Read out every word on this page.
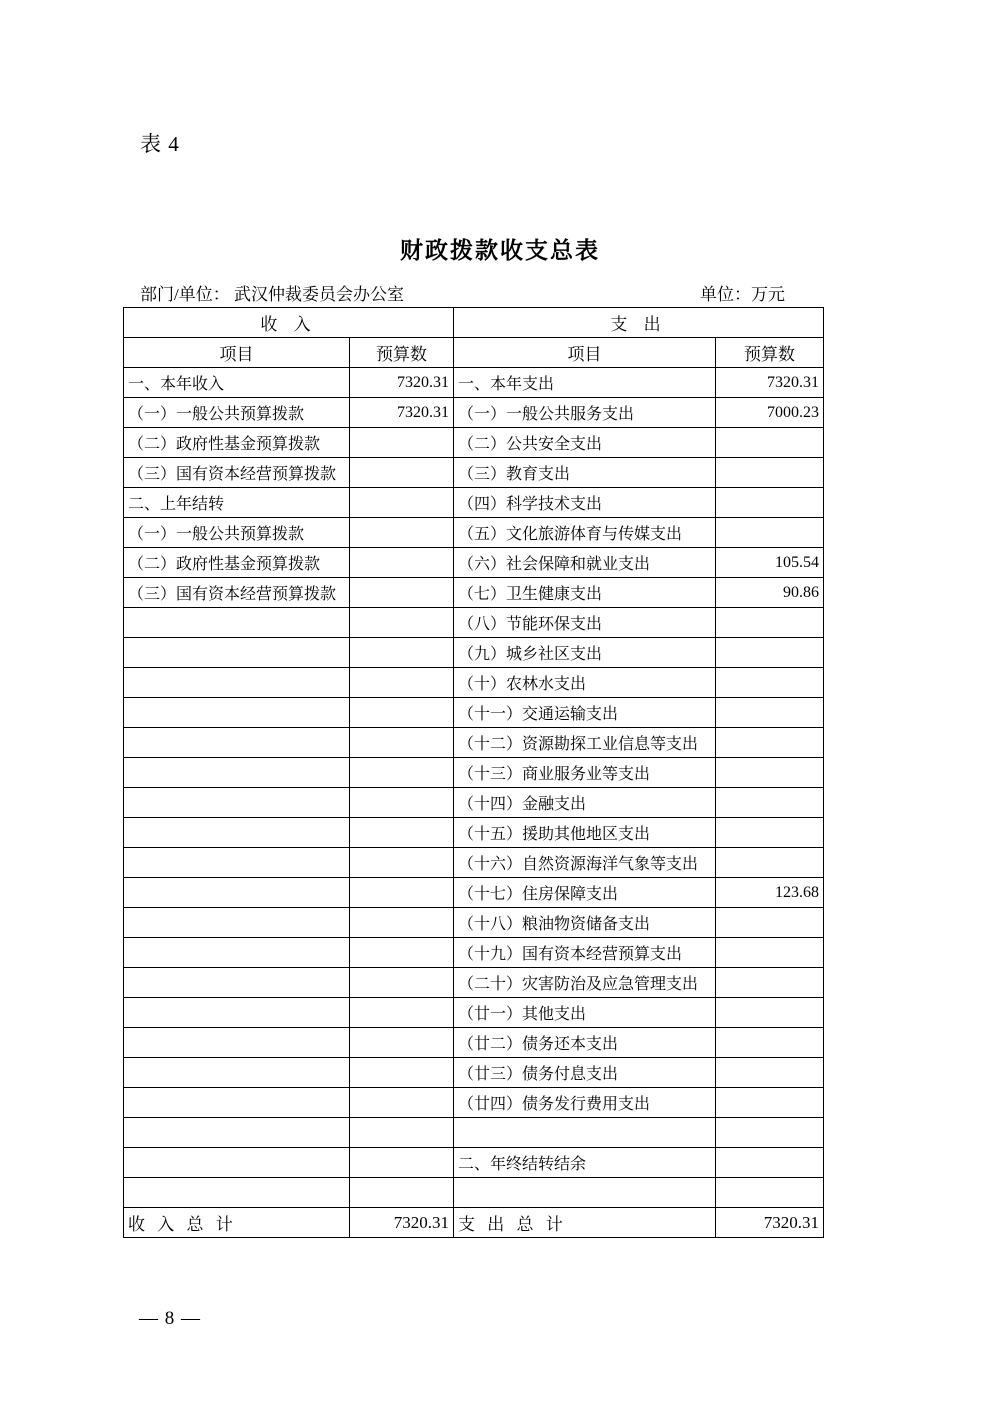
表 4
财政拨款收支总表
部门/单位： 武汉仲裁委员会办公室	单位：万元
收 入		支 出	
项目	预算数	项目	预算数
一、本年收入	7320.31	一、本年支出	7320.31
（一）一般公共预算拨款	7320.31	（一）一般公共服务支出	7000.23
（二）政府性基金预算拨款		（二）公共安全支出	
（三）国有资本经营预算拨款		（三）教育支出	
二、上年结转		（四）科学技术支出	
（一）一般公共预算拨款		（五）文化旅游体育与传媒支出	
（二）政府性基金预算拨款		（六）社会保障和就业支出	105.54
（三）国有资本经营预算拨款		（七）卫生健康支出	90.86
		（八）节能环保支出	
		（九）城乡社区支出	
		（十）农林水支出	
		（十一）交通运输支出	
		（十二）资源勘探工业信息等支出	
		（十三）商业服务业等支出	
		（十四）金融支出	
		（十五）援助其他地区支出	
		（十六）自然资源海洋气象等支出	
		（十七）住房保障支出	123.68
		（十八）粮油物资储备支出	
		（十九）国有资本经营预算支出	
		（二十）灾害防治及应急管理支出	
		（廿一）其他支出	
		（廿二）债务还本支出	
		（廿三）债务付息支出	
		（廿四）债务发行费用支出	

		二、年终结转结余	

收 入 总 计	7320.31	支 出 总 计	7320.31
— 8 —
